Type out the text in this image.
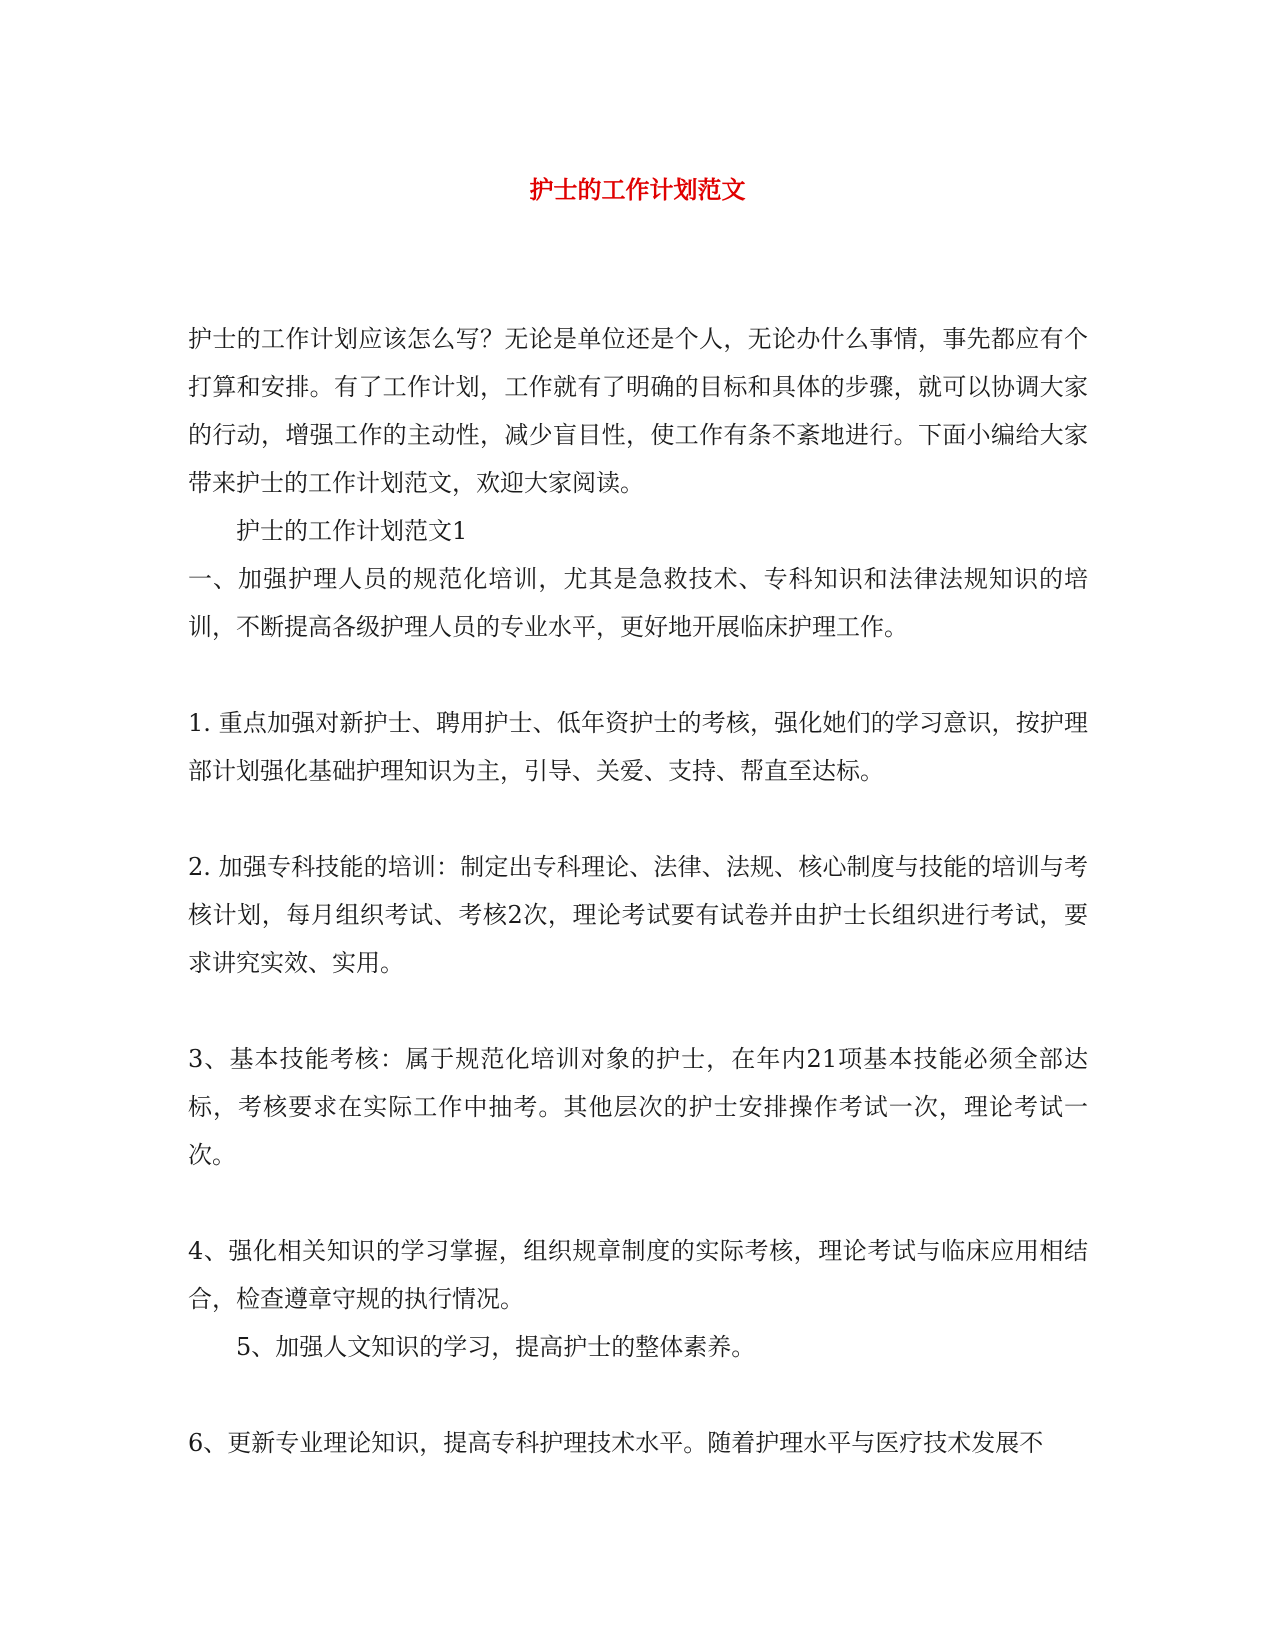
护士的工作计划范文

护士的工作计划应该怎么写？无论是单位还是个人，无论办什么事情，事先都应有个打算和安排。有了工作计划，工作就有了明确的目标和具体的步骤，就可以协调大家的行动，增强工作的主动性，减少盲目性，使工作有条不紊地进行。下面小编给大家带来护士的工作计划范文，欢迎大家阅读。

护士的工作计划范文1

一、加强护理人员的规范化培训，尤其是急救技术、专科知识和法律法规知识的培训，不断提高各级护理人员的专业水平，更好地开展临床护理工作。

1. 重点加强对新护士、聘用护士、低年资护士的考核，强化她们的学习意识，按护理部计划强化基础护理知识为主，引导、关爱、支持、帮直至达标。

2. 加强专科技能的培训：制定出专科理论、法律、法规、核心制度与技能的培训与考核计划，每月组织考试、考核2次，理论考试要有试卷并由护士长组织进行考试，要求讲究实效、实用。

3、基本技能考核：属于规范化培训对象的护士，在年内21项基本技能必须全部达标，考核要求在实际工作中抽考。其他层次的护士安排操作考试一次，理论考试一次。

4、强化相关知识的学习掌握，组织规章制度的实际考核，理论考试与临床应用相结合，检查遵章守规的执行情况。

5、加强人文知识的学习，提高护士的整体素养。

6、更新专业理论知识，提高专科护理技术水平。随着护理水平与医疗技术发展不
